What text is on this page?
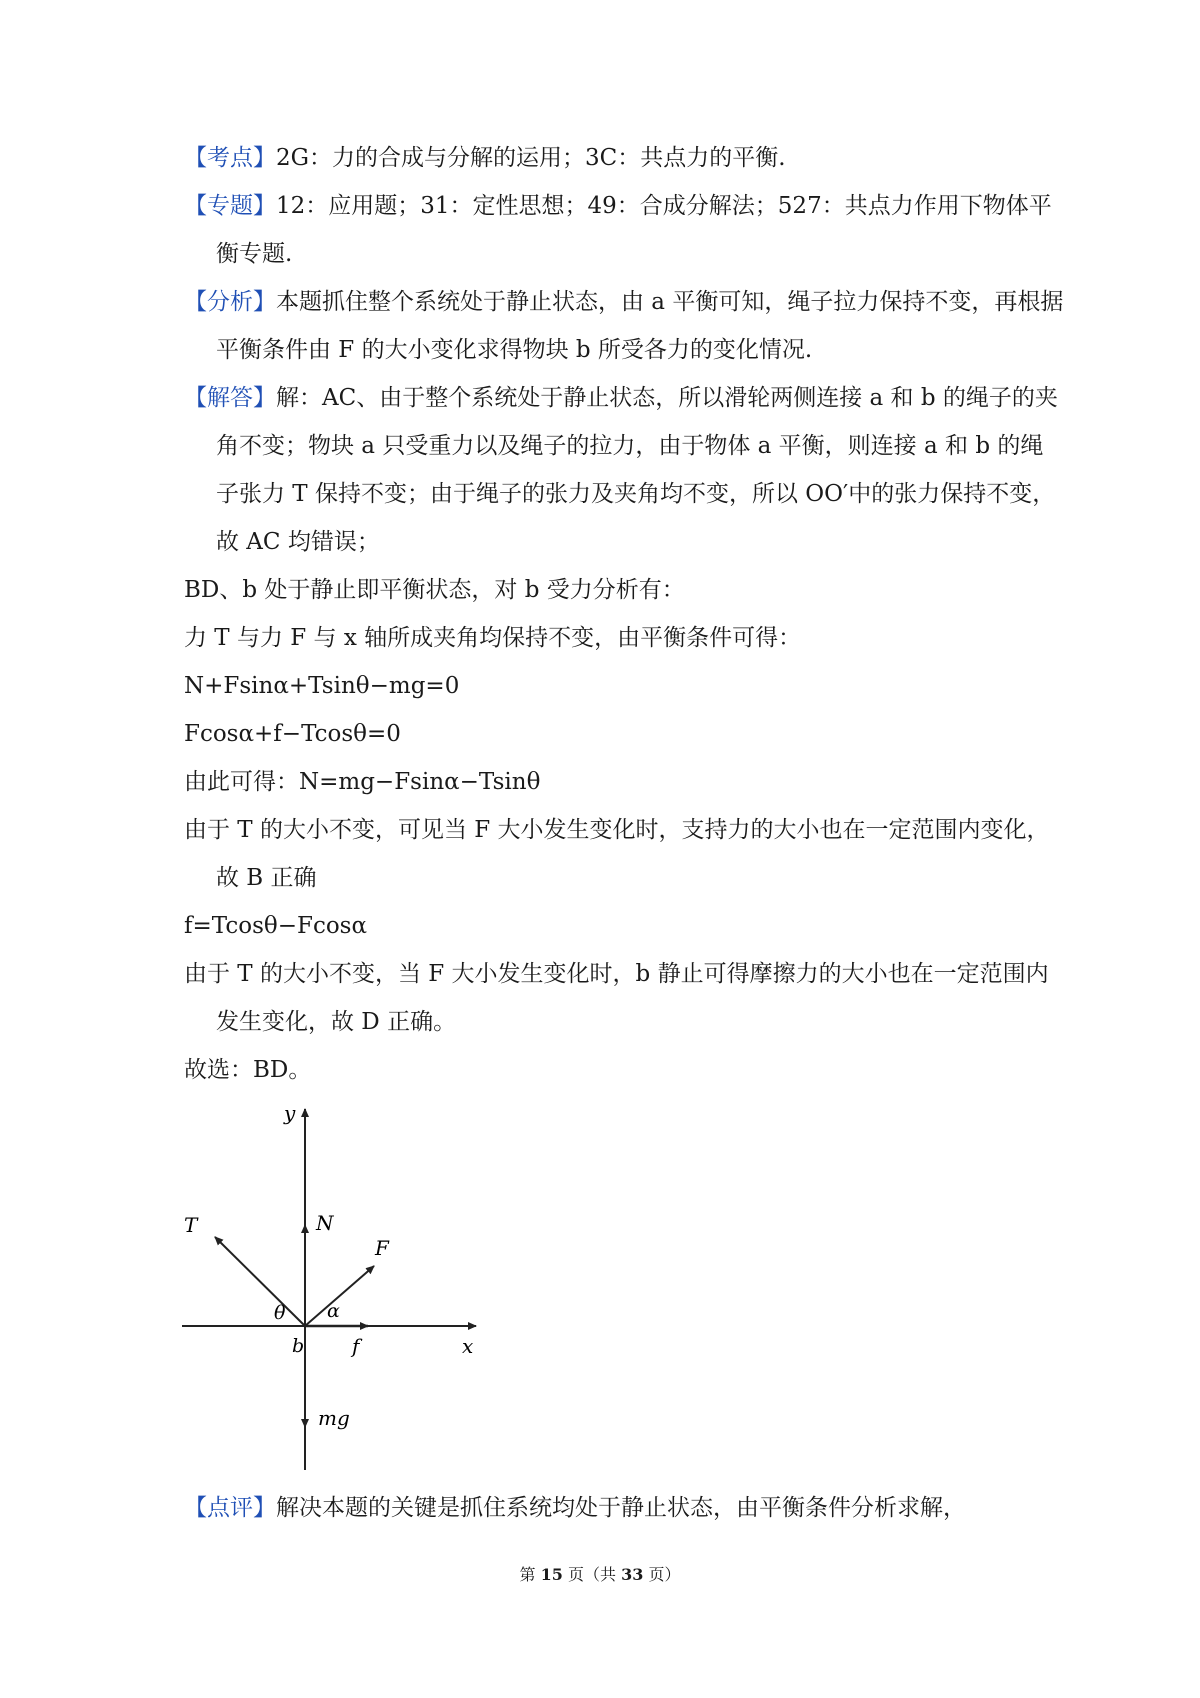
【考点】2G：力的合成与分解的运用；3C：共点力的平衡.
【专题】12：应用题；31：定性思想；49：合成分解法；527：共点力作用下物体平衡专题.
【分析】本题抓住整个系统处于静止状态，由 a 平衡可知，绳子拉力保持不变，再根据平衡条件由 F 的大小变化求得物块 b 所受各力的变化情况.
【解答】解：AC、由于整个系统处于静止状态，所以滑轮两侧连接 a 和 b 的绳子的夹角不变；物块 a 只受重力以及绳子的拉力，由于物体 a 平衡，则连接 a 和 b 的绳子张力 T 保持不变；由于绳子的张力及夹角均不变，所以 OO′中的张力保持不变，故 AC 均错误；
BD、b 处于静止即平衡状态，对 b 受力分析有：
力 T 与力 F 与 x 轴所成夹角均保持不变，由平衡条件可得：
N+Fsinα+Tsinθ−mg=0
Fcosα+f−Tcosθ=0
由此可得：N=mg−Fsinα−Tsinθ
由于 T 的大小不变，可见当 F 大小发生变化时，支持力的大小也在一定范围内变化，故 B 正确
f=Tcosθ−Fcosα
由于 T 的大小不变，当 F 大小发生变化时，b 静止可得摩擦力的大小也在一定范围内发生变化，故 D 正确。
故选：BD。
y
x
T	N
F
θ α
b f
mg
【点评】解决本题的关键是抓住系统均处于静止状态，由平衡条件分析求解，
第 15 页（共 33 页）
